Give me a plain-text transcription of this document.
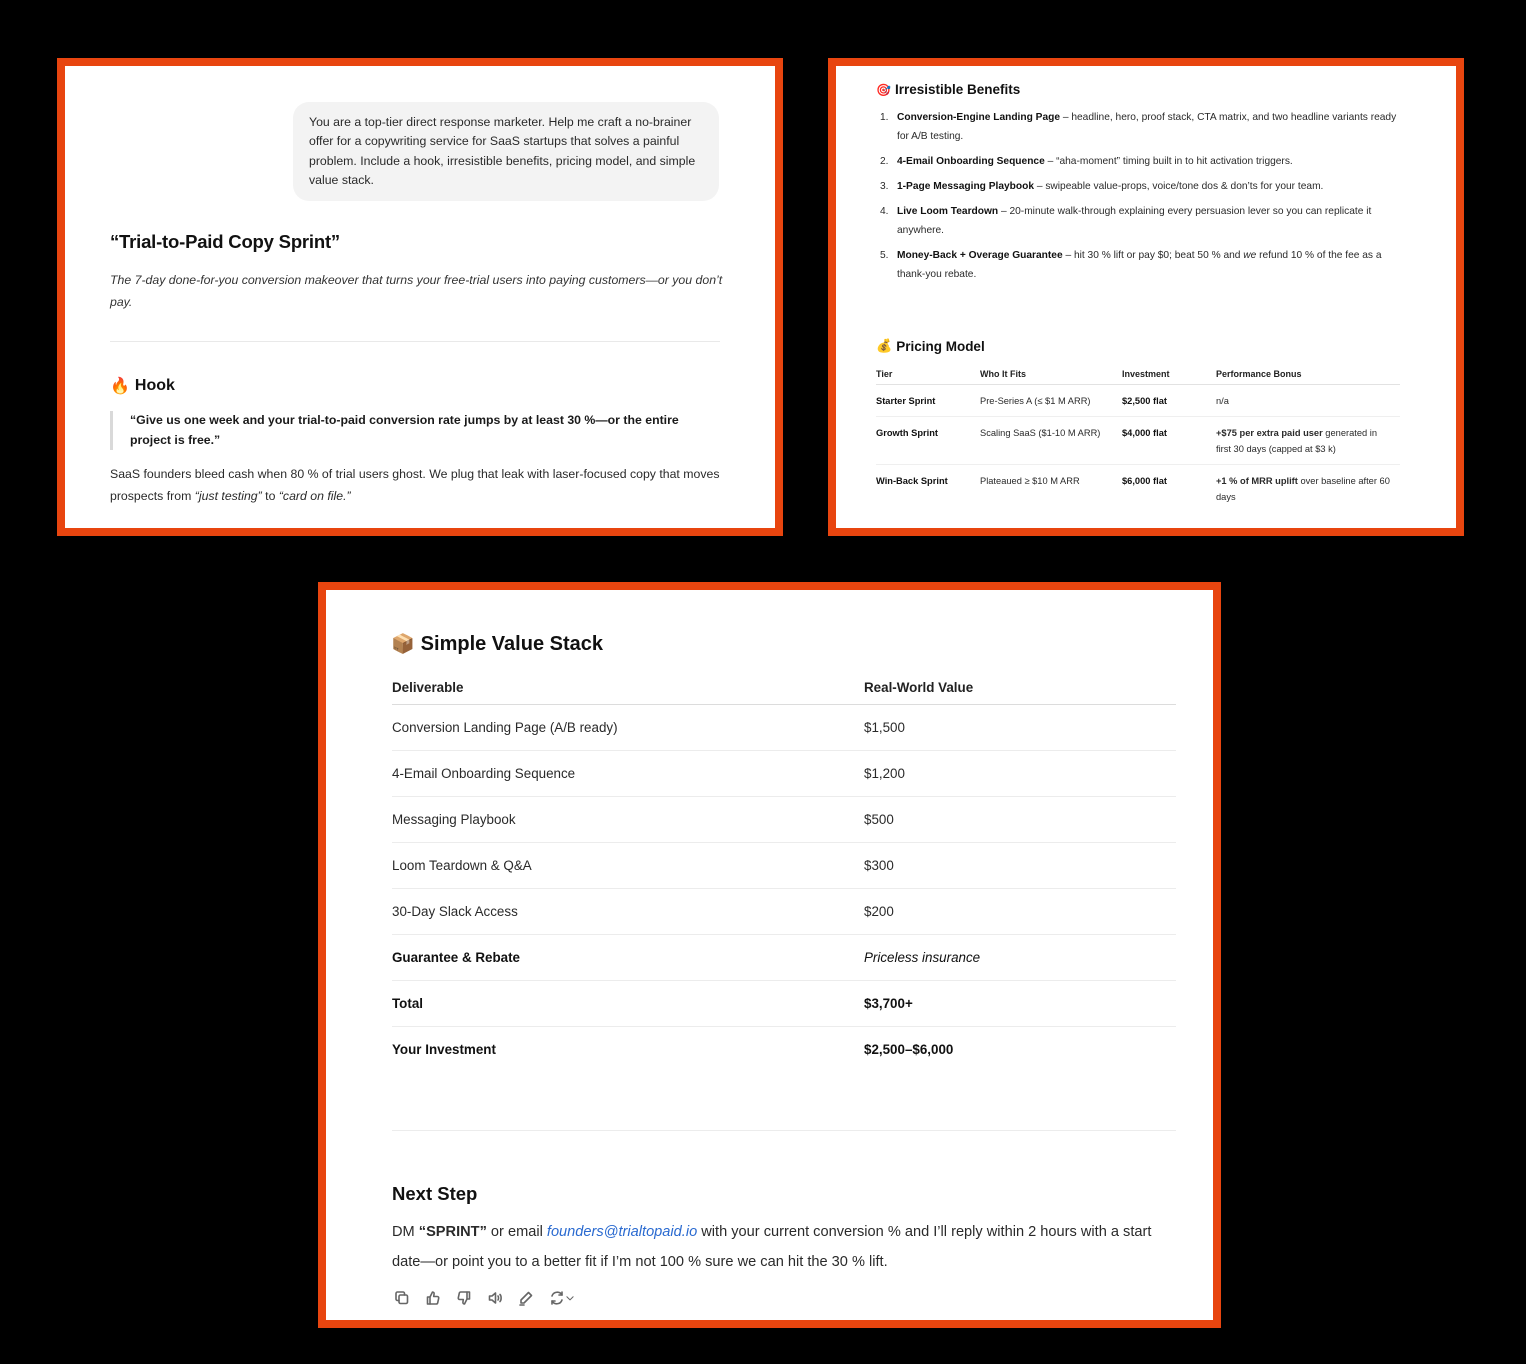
You are a top-tier direct response marketer. Help me craft a no-brainer offer for a copywriting service for SaaS startups that solves a painful problem. Include a hook, irresistible benefits, pricing model, and simple value stack.
“Trial-to-Paid Copy Sprint”
The 7-day done-for-you conversion makeover that turns your free-trial users into paying customers—or you don’t pay.
🔥 Hook
“Give us one week and your trial-to-paid conversion rate jumps by at least 30 %—or the entire project is free.”
SaaS founders bleed cash when 80 % of trial users ghost. We plug that leak with laser-focused copy that moves prospects from “just testing” to “card on file.”
🎯 Irresistible Benefits
1. Conversion-Engine Landing Page – headline, hero, proof stack, CTA matrix, and two headline variants ready for A/B testing.
2. 4-Email Onboarding Sequence – “aha-moment” timing built in to hit activation triggers.
3. 1-Page Messaging Playbook – swipeable value-props, voice/tone dos & don’ts for your team.
4. Live Loom Teardown – 20-minute walk-through explaining every persuasion lever so you can replicate it anywhere.
5. Money-Back + Overage Guarantee – hit 30 % lift or pay $0; beat 50 % and we refund 10 % of the fee as a thank-you rebate.
💰 Pricing Model
Tier	Who It Fits	Investment	Performance Bonus
Starter Sprint	Pre-Series A (≤ $1 M ARR)	$2,500 flat	n/a
Growth Sprint	Scaling SaaS ($1-10 M ARR)	$4,000 flat	+$75 per extra paid user generated in first 30 days (capped at $3 k)
Win-Back Sprint	Plateaued ≥ $10 M ARR	$6,000 flat	+1 % of MRR uplift over baseline after 60 days
📦 Simple Value Stack
Deliverable	Real-World Value
Conversion Landing Page (A/B ready)	$1,500
4-Email Onboarding Sequence	$1,200
Messaging Playbook	$500
Loom Teardown & Q&A	$300
30-Day Slack Access	$200
Guarantee & Rebate	Priceless insurance
Total	$3,700+
Your Investment	$2,500–$6,000
Next Step
DM “SPRINT” or email founders@trialtopaid.io with your current conversion % and I’ll reply within 2 hours with a start date—or point you to a better fit if I’m not 100 % sure we can hit the 30 % lift.
